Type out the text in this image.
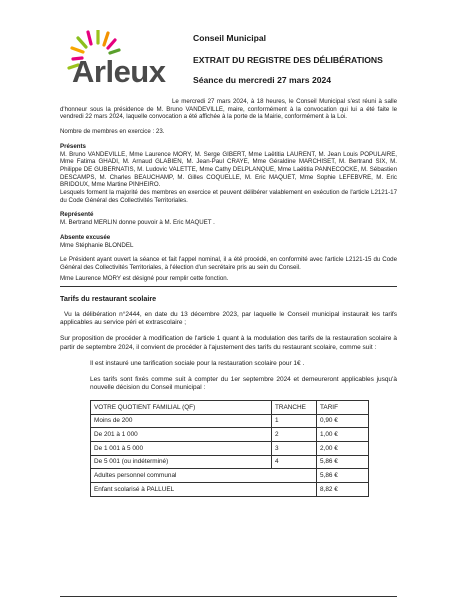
Arleux
Conseil Municipal
EXTRAIT DU REGISTRE DES DÉLIBÉRATIONS
Séance du mercredi 27 mars 2024

Le mercredi 27 mars 2024, à 18 heures, le Conseil Municipal s'est réuni à salle d'honneur sous la présidence de M. Bruno VANDEVILLE, maire, conformément à la convocation qui lui a été faite le vendredi 22 mars 2024, laquelle convocation a été affichée à la porte de la Mairie, conformément à la Loi.

Nombre de membres en exercice : 23.

Présents

M. Bruno VANDEVILLE, Mme Laurence MORY, M. Serge GIBERT, Mme Laëtitia LAURENT, M. Jean Louis POPULAIRE, Mme Fatima GHADI, M. Arnaud GLABIEN, M. Jean-Paul CRAYE, Mme Géraldine MARCHISET, M. Bertrand SIX, M. Philippe DE GUBERNATIS, M. Ludovic VALETTE, Mme Cathy DELPLANQUE, Mme Laëtitia PANNECOCKE, M. Sébastien DESCAMPS, M. Charles BEAUCHAMP, M. Gilles COQUELLE, M. Eric MAQUET, Mme Sophie LEFEBVRE, M. Eric BRIDOUX, Mme Martine PINHEIRO.

Lesquels forment la majorité des membres en exercice et peuvent délibérer valablement en exécution de l'article L2121-17 du Code Général des Collectivités Territoriales.

Représenté

M. Bertrand MERLIN donne pouvoir à M. Eric MAQUET .

Absente excusée

Mme Stéphanie BLONDEL

Le Président ayant ouvert la séance et fait l'appel nominal, il a été procédé, en conformité avec l'article L2121-15 du Code Général des Collectivités Territoriales, à l'élection d'un secrétaire pris au sein du Conseil.

Mme Laurence MORY est désigné pour remplir cette fonction.

Tarifs du restaurant scolaire

Vu la délibération n°2444, en date du 13 décembre 2023, par laquelle le Conseil municipal instaurait les tarifs applicables au service péri et extrascolaire ;

Sur proposition de procéder à modification de l'article 1 quant à la modulation des tarifs de la restauration scolaire à partir de septembre 2024, il convient de procéder à l'ajustement des tarifs du restaurant scolaire, comme suit :

Il est instauré une tarification sociale pour la restauration scolaire pour 1€ .

Les tarifs sont fixés comme suit à compter du 1er septembre 2024 et demeureront applicables jusqu'à nouvelle décision du Conseil municipal :

VOTRE QUOTIENT FAMILIAL (QF)	TRANCHE	TARIF
Moins de 200	1	0,90 €
De 201 à 1 000	2	1,00 €
De 1 001 à 5 000	3	2,00 €
De 5 001 (ou indéterminé)	4	5,86 €
Adultes personnel communal		5,86 €
Enfant scolarisé à PALLUEL		8,82 €
